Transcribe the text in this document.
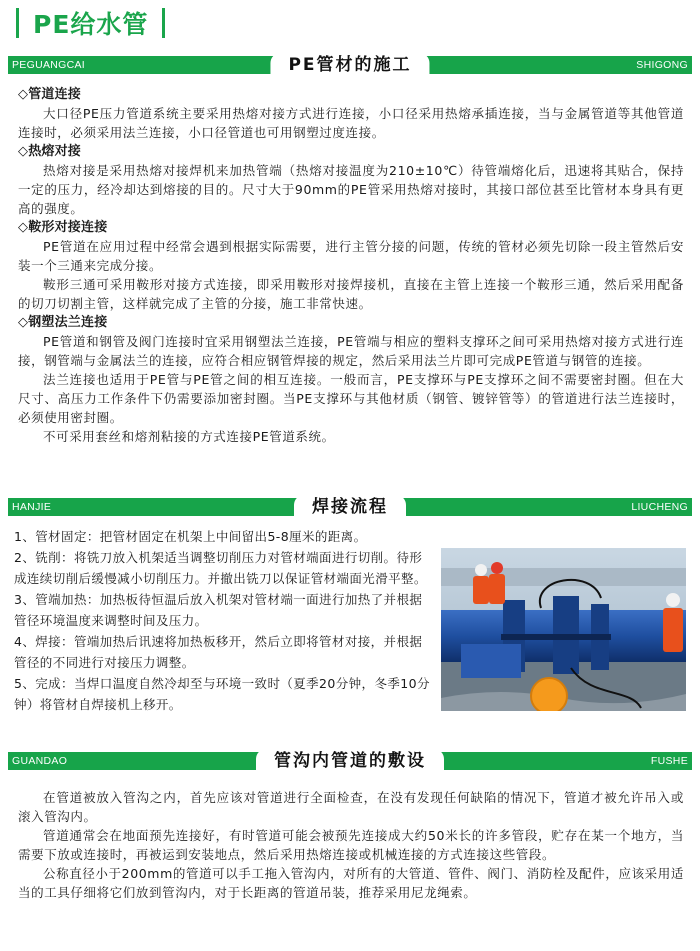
PE给水管
PEGUANGCAI	PE管材的施工	SHIGONG
◇管道连接

大口径PE压力管道系统主要采用热熔对接方式进行连接，小口径采用热熔承插连接，当与金属管道等其他管道连接时，必须采用法兰连接，小口径管道也可用钢塑过度连接。

◇热熔对接

热熔对接是采用热熔对接焊机来加热管端（热熔对接温度为210±10℃）待管端熔化后，迅速将其贴合，保持一定的压力，经冷却达到熔接的目的。尺寸大于90mm的PE管采用热熔对接时，其接口部位甚至比管材本身具有更高的强度。

◇鞍形对接连接

PE管道在应用过程中经常会遇到根据实际需要，进行主管分接的问题，传统的管材必须先切除一段主管然后安装一个三通来完成分接。

鞍形三通可采用鞍形对接方式连接，即采用鞍形对接焊接机，直接在主管上连接一个鞍形三通，然后采用配备的切刀切割主管，这样就完成了主管的分接，施工非常快速。

◇钢塑法兰连接

PE管道和钢管及阀门连接时宜采用钢塑法兰连接，PE管端与相应的塑料支撑环之间可采用热熔对接方式进行连接，钢管端与金属法兰的连接，应符合相应钢管焊接的规定，然后采用法兰片即可完成PE管道与钢管的连接。

法兰连接也适用于PE管与PE管之间的相互连接。一般而言，PE支撑环与PE支撑环之间不需要密封圈。但在大尺寸、高压力工作条件下仍需要添加密封圈。当PE支撑环与其他材质（钢管、镀锌管等）的管道进行法兰连接时，必须使用密封圈。

不可采用套丝和熔剂粘接的方式连接PE管道系统。

HANJIE	焊接流程	LIUCHENG

1、管材固定：把管材固定在机架上中间留出5-8厘米的距离。

2、铣削：将铣刀放入机架适当调整切削压力对管材端面进行切削。待形成连续切削后缓慢减小切削压力。并撤出铣刀以保证管材端面光滑平整。

3、管端加热：加热板待恒温后放入机架对管材端一面进行加热了并根据管径环境温度来调整时间及压力。

4、焊接：管端加热后讯速将加热板移开，然后立即将管材对接，并根据管径的不同进行对接压力调整。

5、完成：当焊口温度自然冷却至与环境一致时（夏季20分钟，冬季10分钟）将管材自焊接机上移开。

GUANDAO	管沟内管道的敷设	FUSHE

在管道被放入管沟之内，首先应该对管道进行全面检查，在没有发现任何缺陷的情况下，管道才被允许吊入或滚入管沟内。

管道通常会在地面预先连接好，有时管道可能会被预先连接成大约50米长的许多管段，贮存在某一个地方，当需要下放或连接时，再被运到安装地点，然后采用热熔连接或机械连接的方式连接这些管段。

公称直径小于200mm的管道可以手工拖入管沟内，对所有的大管道、管件、阀门、消防栓及配件，应该采用适当的工具仔细将它们放到管沟内，对于长距离的管道吊装，推荐采用尼龙绳索。
